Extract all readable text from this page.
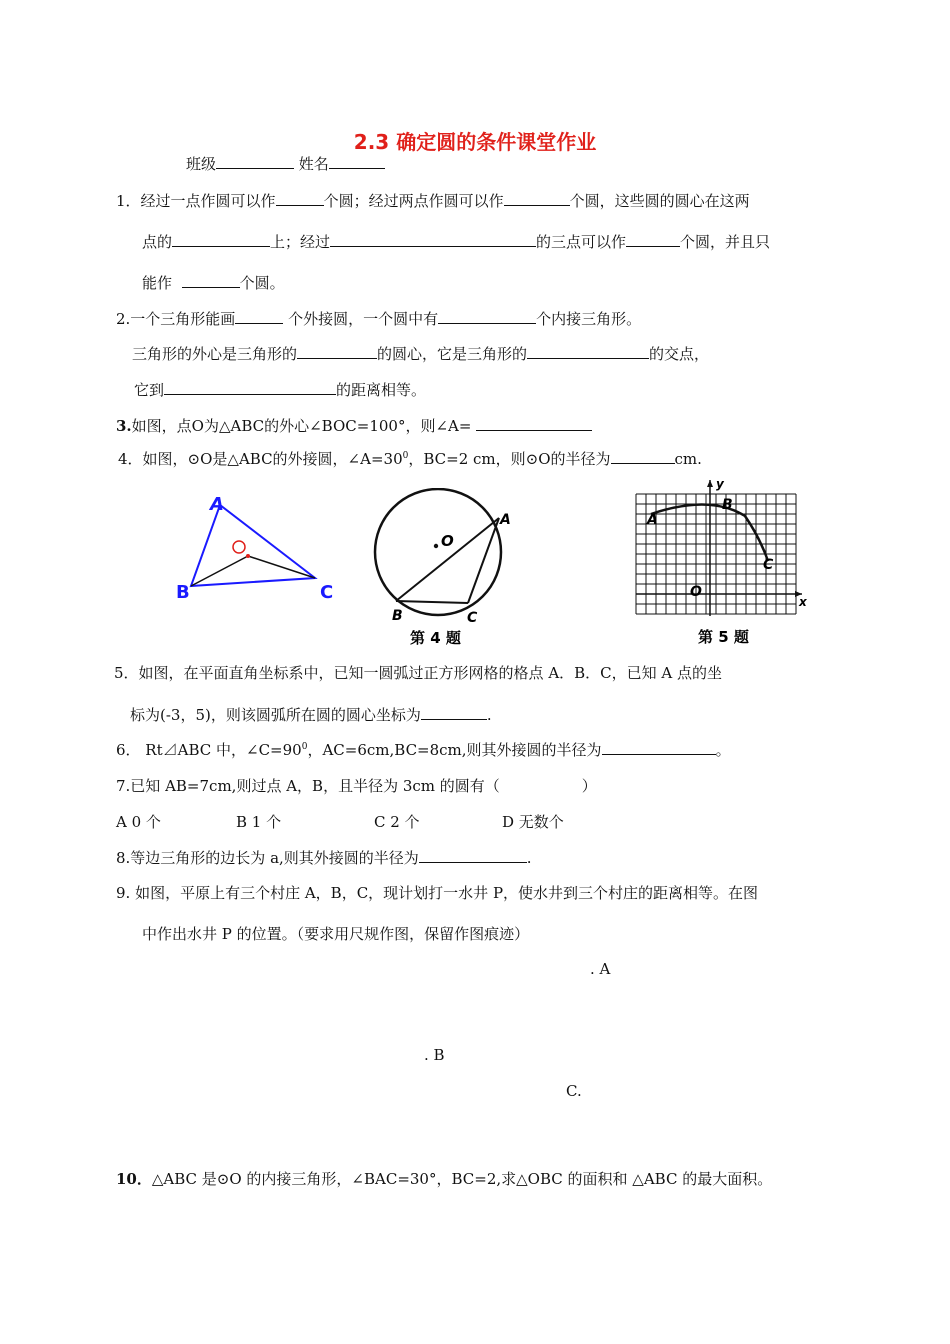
2.3 确定圆的条件课堂作业
班级	姓名
1．经过一点作圆可以作	个圆；经过两点作圆可以作	个圆，这些圆的圆心在这两
点的	上；经过	的三点可以作	个圆，并且只
能作	个圆。
2.一个三角形能画	个外接圆，一个圆中有	个内接三角形。
三角形的外心是三角形的	的圆心，它是三角形的	的交点，
它到	的距离相等。
3.如图，点O为△ABC的外心∠BOC=100°，则∠A=
4．如图，⊙O是△ABC的外接圆，$\angle A=30^0$，BC=2 cm，则⊙O的半径为	cm.
A
B	C
O
A
B	C
第 4 题
A
B
C
O
x
y
第 5 题
5．如图，在平面直角坐标系中，已知一圆弧过正方形网格的格点 A．B．C，已知 A 点的坐
标为(-3，5)，则该圆弧所在圆的圆心坐标为	.
6． Rt⊿ABC 中，$\angle C=90^0$，AC=6cm,BC=8cm,则其外接圆的半径为	。
7.已知 AB=7cm,则过点 A，B，且半径为 3cm 的圆有（	）
A 0 个	B 1 个	C 2 个	D 无数个
8.等边三角形的边长为 a,则其外接圆的半径为	.
9. 如图，平原上有三个村庄 A，B，C，现计划打一水井 P，使水井到三个村庄的距离相等。在图
中作出水井 P 的位置。（要求用尺规作图，保留作图痕迹）
. A
. B
C.
10．△ABC 是⊙O 的内接三角形，∠BAC=30°，BC=2,求△OBC 的面积和 △ABC 的最大面积。
